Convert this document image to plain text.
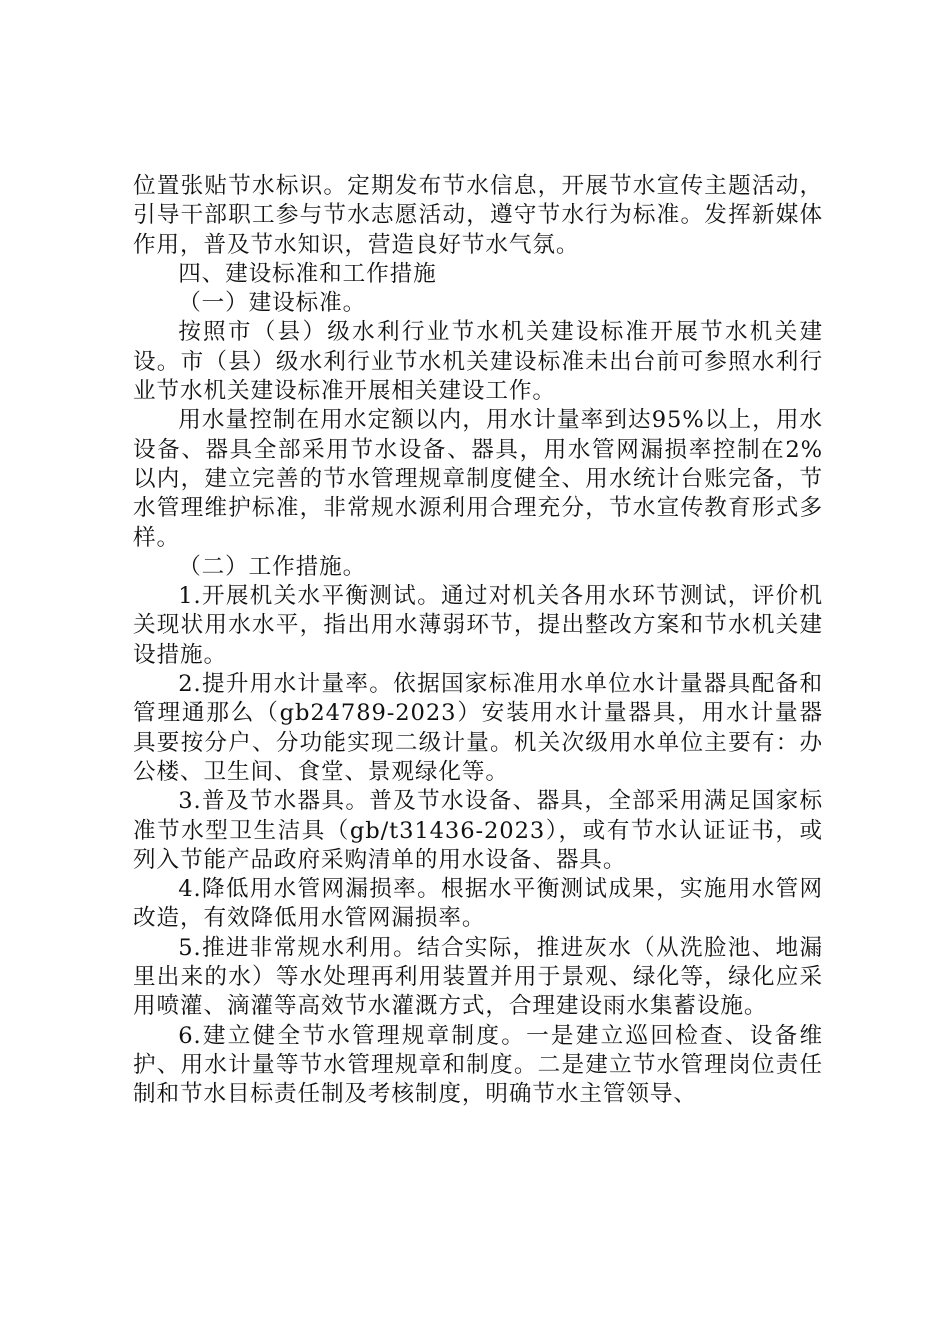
位置张贴节水标识。定期发布节水信息，开展节水宣传主题活动，引导干部职工参与节水志愿活动，遵守节水行为标准。发挥新媒体作用，普及节水知识，营造良好节水气氛。

四、建设标准和工作措施

（一）建设标准。

按照市（县）级水利行业节水机关建设标准开展节水机关建设。市（县）级水利行业节水机关建设标准未出台前可参照水利行业节水机关建设标准开展相关建设工作。

用水量控制在用水定额以内，用水计量率到达95%以上，用水设备、器具全部采用节水设备、器具，用水管网漏损率控制在2%以内，建立完善的节水管理规章制度健全、用水统计台账完备，节水管理维护标准，非常规水源利用合理充分，节水宣传教育形式多样。

（二）工作措施。

1.开展机关水平衡测试。通过对机关各用水环节测试，评价机关现状用水水平，指出用水薄弱环节，提出整改方案和节水机关建设措施。

2.提升用水计量率。依据国家标准用水单位水计量器具配备和管理通那么（gb24789-2023）安装用水计量器具，用水计量器具要按分户、分功能实现二级计量。机关次级用水单位主要有：办公楼、卫生间、食堂、景观绿化等。

3.普及节水器具。普及节水设备、器具，全部采用满足国家标准节水型卫生洁具（gb/t31436-2023），或有节水认证证书，或列入节能产品政府采购清单的用水设备、器具。

4.降低用水管网漏损率。根据水平衡测试成果，实施用水管网改造，有效降低用水管网漏损率。

5.推进非常规水利用。结合实际，推进灰水（从洗脸池、地漏里出来的水）等水处理再利用装置并用于景观、绿化等，绿化应采用喷灌、滴灌等高效节水灌溉方式，合理建设雨水集蓄设施。

6.建立健全节水管理规章制度。一是建立巡回检查、设备维护、用水计量等节水管理规章和制度。二是建立节水管理岗位责任制和节水目标责任制及考核制度，明确节水主管领导、
